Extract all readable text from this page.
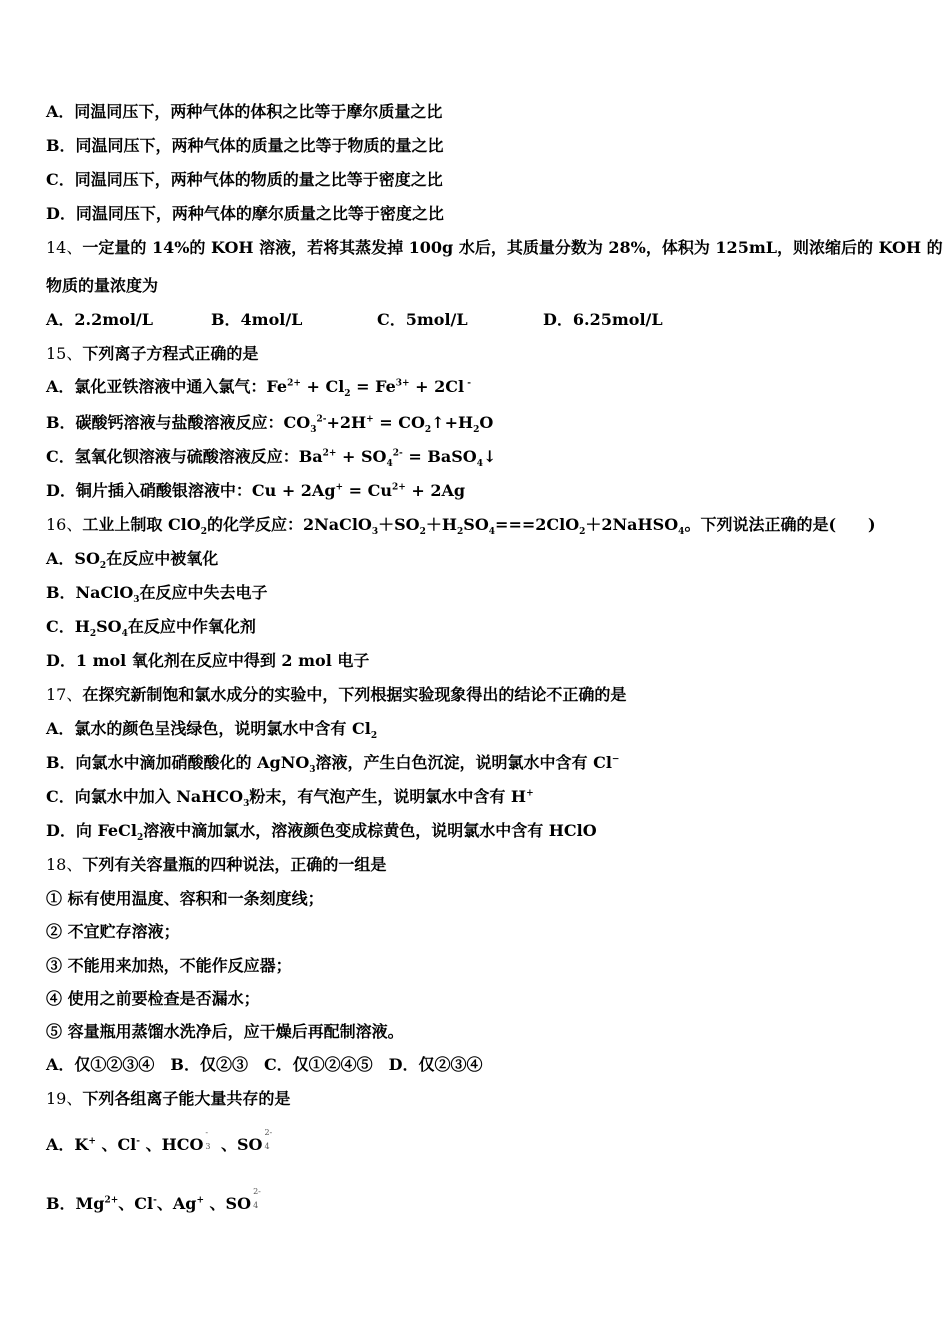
A．同温同压下，两种气体的体积之比等于摩尔质量之比
B．同温同压下，两种气体的质量之比等于物质的量之比
C．同温同压下，两种气体的物质的量之比等于密度之比
D．同温同压下，两种气体的摩尔质量之比等于密度之比
14、一定量的 14%的 KOH 溶液，若将其蒸发掉 100g 水后，其质量分数为 28%，体积为 125mL，则浓缩后的 KOH 的
物质的量浓度为
A．2.2mol/L	B．4mol/L	C．5mol/L	D．6.25mol/L
15、下列离子方程式正确的是
A．氯化亚铁溶液中通入氯气：$Fe^{2+} + Cl_2 = Fe^{3+} + 2Cl$ -
B．碳酸钙溶液与盐酸溶液反应：$CO_3^{2-}+2H^+$ = $CO_2↑+H_2O$
C．氢氧化钡溶液与硫酸溶液反应：$Ba^{2+} + SO_4^{2-}$ = BaSO$_4$↓
D．铜片插入硝酸银溶液中：$Cu + 2Ag^+ = Cu^{2+} + 2Ag$
16、工业上制取 ClO$_2$的化学反应：$2NaClO_3+SO_2+H_2SO_4===2ClO_2+2NaHSO_4$。下列说法正确的是(　　)
A．$SO_2$在反应中被氧化
B．NaClO$_3$在反应中失去电子
C．$H_2SO_4$在反应中作氧化剂
D．1 mol 氧化剂在反应中得到 2 mol 电子
17、在探究新制饱和氯水成分的实验中，下列根据实验现象得出的结论不正确的是
A．氯水的颜色呈浅绿色，说明氯水中含有 $Cl_2$
B．向氯水中滴加硝酸酸化的 AgNO$_3$溶液，产生白色沉淀，说明氯水中含有 Cl−
C．向氯水中加入 NaHCO$_3$粉末，有气泡产生，说明氯水中含有 H+
D．向 FeCl$_2$溶液中滴加氯水，溶液颜色变成棕黄色，说明氯水中含有 HClO
18、下列有关容量瓶的四种说法，正确的一组是
① 标有使用温度、容积和一条刻度线；
② 不宜贮存溶液；
③ 不能用来加热，不能作反应器；
④ 使用之前要检查是否漏水；
⑤ 容量瓶用蒸馏水洗净后，应干燥后再配制溶液。
A．仅①②③④　B．仅②③　C．仅①②④⑤　D．仅②③④
19、下列各组离子能大量共存的是
A．K+ 、Cl- 、HCO
-
3 、SO
2-
4
B．$Mg^{2+}$、Cl-、Ag+ 、SO
2-
4
